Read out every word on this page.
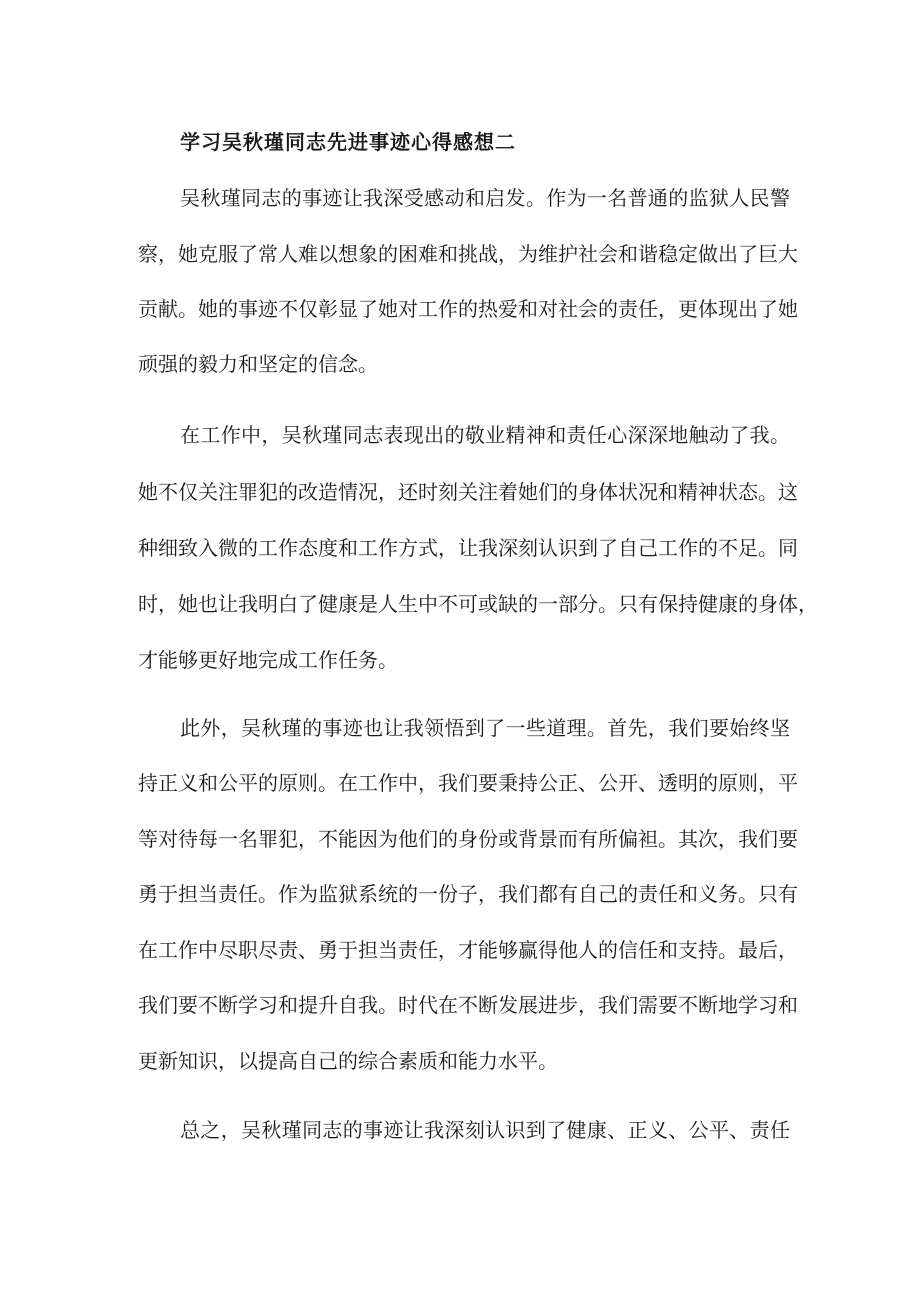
学习吴秋瑾同志先进事迹心得感想二
吴秋瑾同志的事迹让我深受感动和启发。作为一名普通的监狱人民警
察，她克服了常人难以想象的困难和挑战，为维护社会和谐稳定做出了巨大
贡献。她的事迹不仅彰显了她对工作的热爱和对社会的责任，更体现出了她
顽强的毅力和坚定的信念。
在工作中，吴秋瑾同志表现出的敬业精神和责任心深深地触动了我。
她不仅关注罪犯的改造情况，还时刻关注着她们的身体状况和精神状态。这
种细致入微的工作态度和工作方式，让我深刻认识到了自己工作的不足。同
时，她也让我明白了健康是人生中不可或缺的一部分。只有保持健康的身体，
才能够更好地完成工作任务。
此外，吴秋瑾的事迹也让我领悟到了一些道理。首先，我们要始终坚
持正义和公平的原则。在工作中，我们要秉持公正、公开、透明的原则，平
等对待每一名罪犯，不能因为他们的身份或背景而有所偏袒。其次，我们要
勇于担当责任。作为监狱系统的一份子，我们都有自己的责任和义务。只有
在工作中尽职尽责、勇于担当责任，才能够赢得他人的信任和支持。最后，
我们要不断学习和提升自我。时代在不断发展进步，我们需要不断地学习和
更新知识，以提高自己的综合素质和能力水平。
总之，吴秋瑾同志的事迹让我深刻认识到了健康、正义、公平、责任
